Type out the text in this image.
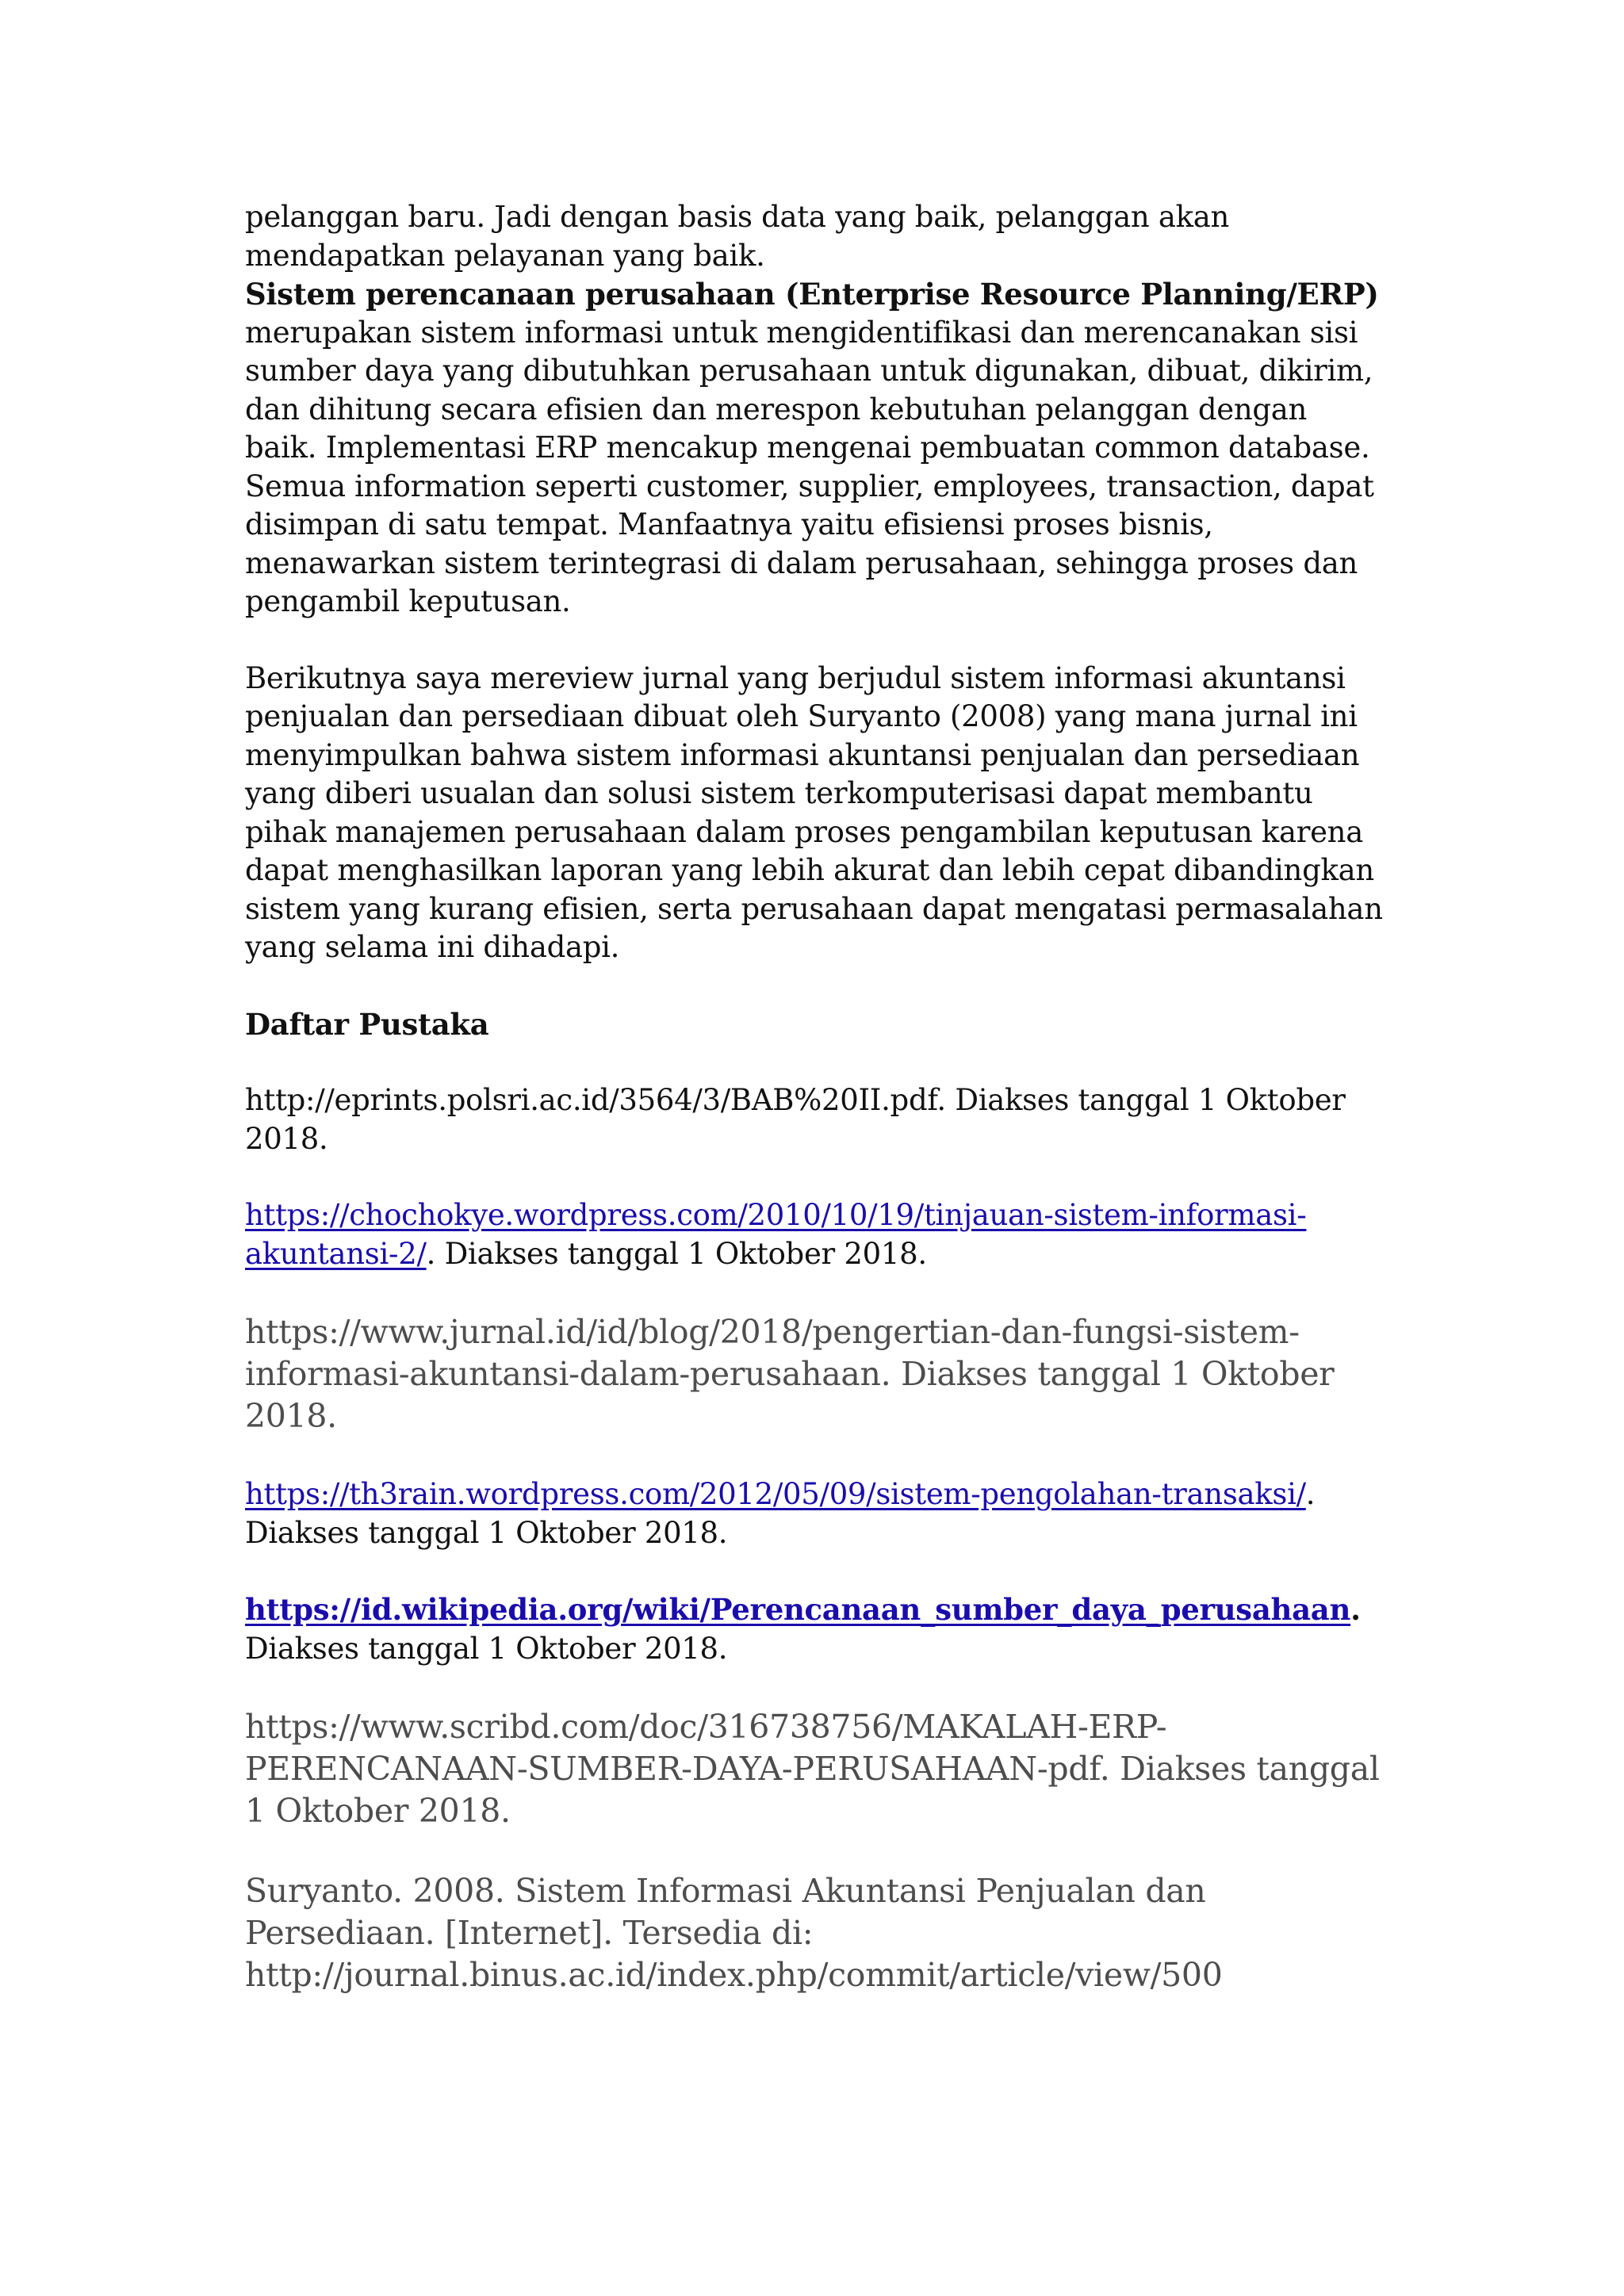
pelanggan baru. Jadi dengan basis data yang baik, pelanggan akan mendapatkan pelayanan yang baik.

Sistem perencanaan perusahaan (Enterprise Resource Planning/ERP)

merupakan sistem informasi untuk mengidentifikasi dan merencanakan sisi sumber daya yang dibutuhkan perusahaan untuk digunakan, dibuat, dikirim, dan dihitung secara efisien dan merespon kebutuhan pelanggan dengan baik. Implementasi ERP mencakup mengenai pembuatan common database. Semua information seperti customer, supplier, employees, transaction, dapat disimpan di satu tempat. Manfaatnya yaitu efisiensi proses bisnis, menawarkan sistem terintegrasi di dalam perusahaan, sehingga proses dan pengambil keputusan.

Berikutnya saya mereview jurnal yang berjudul sistem informasi akuntansi penjualan dan persediaan dibuat oleh Suryanto (2008) yang mana jurnal ini menyimpulkan bahwa sistem informasi akuntansi penjualan dan persediaan yang diberi usualan dan solusi sistem terkomputerisasi dapat membantu pihak manajemen perusahaan dalam proses pengambilan keputusan karena dapat menghasilkan laporan yang lebih akurat dan lebih cepat dibandingkan sistem yang kurang efisien, serta perusahaan dapat mengatasi permasalahan yang selama ini dihadapi.

Daftar Pustaka

http://eprints.polsri.ac.id/3564/3/BAB%20II.pdf. Diakses tanggal 1 Oktober 2018.

https://chochokye.wordpress.com/2010/10/19/tinjauan-sistem-informasi-akuntansi-2/. Diakses tanggal 1 Oktober 2018.

https://www.jurnal.id/id/blog/2018/pengertian-dan-fungsi-sistem-informasi-akuntansi-dalam-perusahaan. Diakses tanggal 1 Oktober 2018.

https://th3rain.wordpress.com/2012/05/09/sistem-pengolahan-transaksi/. Diakses tanggal 1 Oktober 2018.

https://id.wikipedia.org/wiki/Perencanaan_sumber_daya_perusahaan. Diakses tanggal 1 Oktober 2018.

https://www.scribd.com/doc/316738756/MAKALAH-ERP-PERENCANAAN-SUMBER-DAYA-PERUSAHAAN-pdf. Diakses tanggal 1 Oktober 2018.

Suryanto. 2008. Sistem Informasi Akuntansi Penjualan dan Persediaan. [Internet]. Tersedia di: http://journal.binus.ac.id/index.php/commit/article/view/500
